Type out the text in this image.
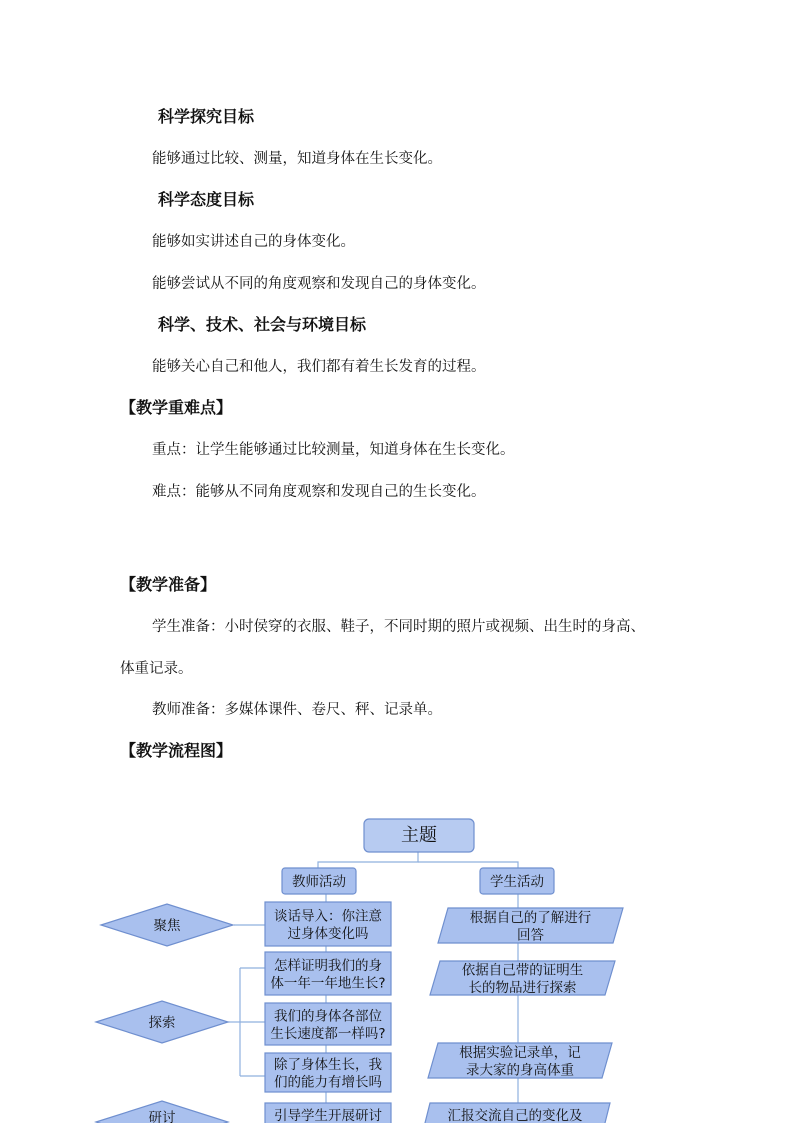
科学探究目标
能够通过比较、测量，知道身体在生长变化。
科学态度目标
能够如实讲述自己的身体变化。
能够尝试从不同的角度观察和发现自己的身体变化。
科学、技术、社会与环境目标
能够关心自己和他人，我们都有着生长发育的过程。
【教学重难点】
重点：让学生能够通过比较测量，知道身体在生长变化。
难点：能够从不同角度观察和发现自己的生长变化。
【教学准备】
学生准备：小时侯穿的衣服、鞋子，不同时期的照片或视频、出生时的身高、
体重记录。
教师准备：多媒体课件、卷尺、秤、记录单。
【教学流程图】
主题
教师活动	学生活动
聚焦
探索
研讨
谈话导入：你注意过身体变化吗
怎样证明我们的身体一年一年地生长?
我们的身体各部位生长速度都一样吗?
除了身体生长，我们的能力有增长吗
引导学生开展研讨
根据自己的了解进行回答
依据自己带的证明生长的物品进行探索
根据实验记录单，记录大家的身高体重
汇报交流自己的变化及
